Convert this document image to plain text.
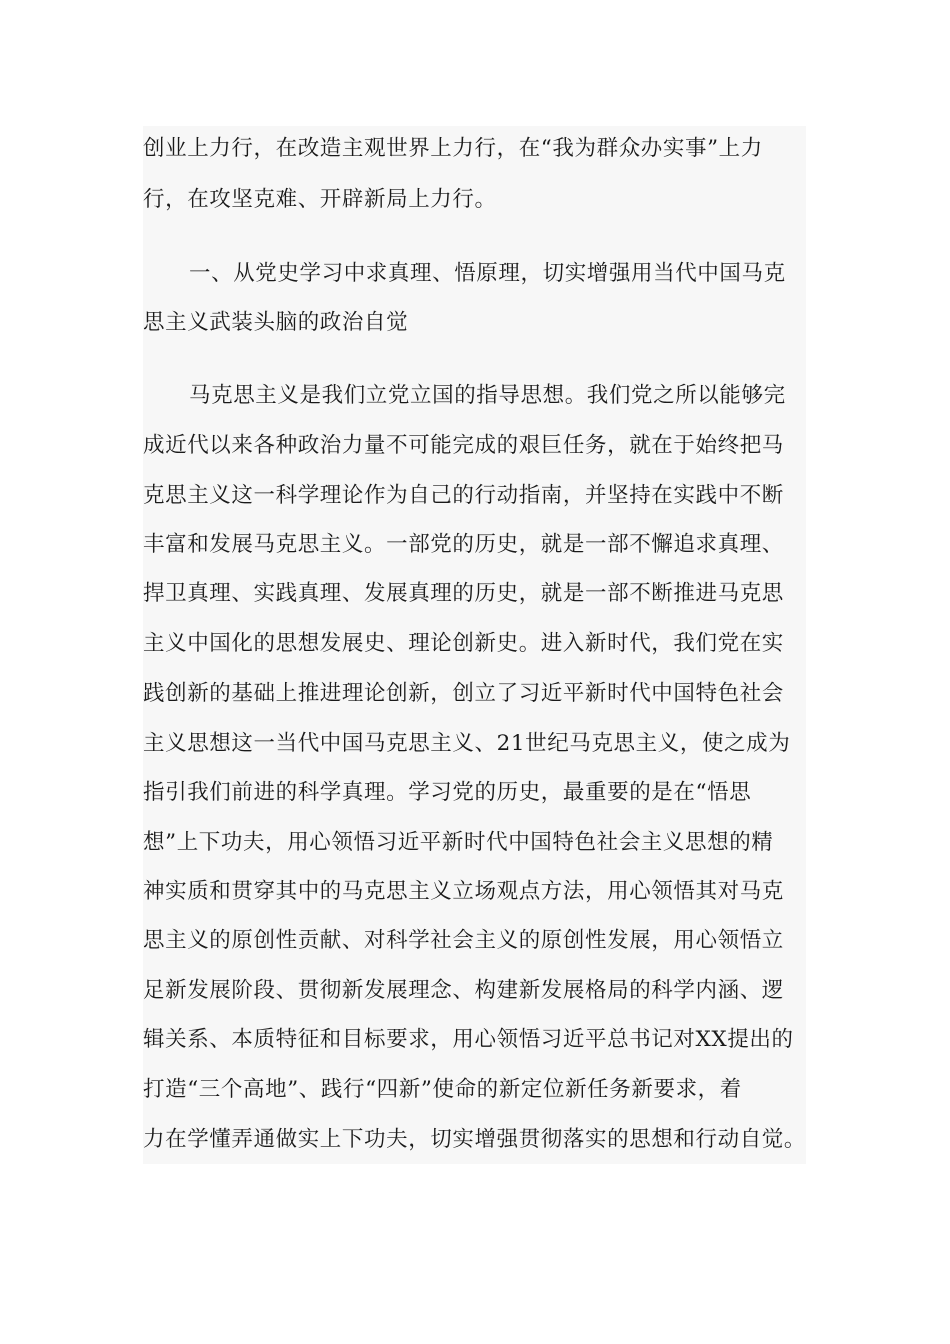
创业上力行，在改造主观世界上力行，在“我为群众办实事”上力
行，在攻坚克难、开辟新局上力行。
一、从党史学习中求真理、悟原理，切实增强用当代中国马克
思主义武装头脑的政治自觉
马克思主义是我们立党立国的指导思想。我们党之所以能够完
成近代以来各种政治力量不可能完成的艰巨任务，就在于始终把马
克思主义这一科学理论作为自己的行动指南，并坚持在实践中不断
丰富和发展马克思主义。一部党的历史，就是一部不懈追求真理、
捍卫真理、实践真理、发展真理的历史，就是一部不断推进马克思
主义中国化的思想发展史、理论创新史。进入新时代，我们党在实
践创新的基础上推进理论创新，创立了习近平新时代中国特色社会
主义思想这一当代中国马克思主义、21世纪马克思主义，使之成为
指引我们前进的科学真理。学习党的历史，最重要的是在“悟思
想”上下功夫，用心领悟习近平新时代中国特色社会主义思想的精
神实质和贯穿其中的马克思主义立场观点方法，用心领悟其对马克
思主义的原创性贡献、对科学社会主义的原创性发展，用心领悟立
足新发展阶段、贯彻新发展理念、构建新发展格局的科学内涵、逻
辑关系、本质特征和目标要求，用心领悟习近平总书记对XX提出的
打造“三个高地”、践行“四新”使命的新定位新任务新要求，着
力在学懂弄通做实上下功夫，切实增强贯彻落实的思想和行动自觉。
